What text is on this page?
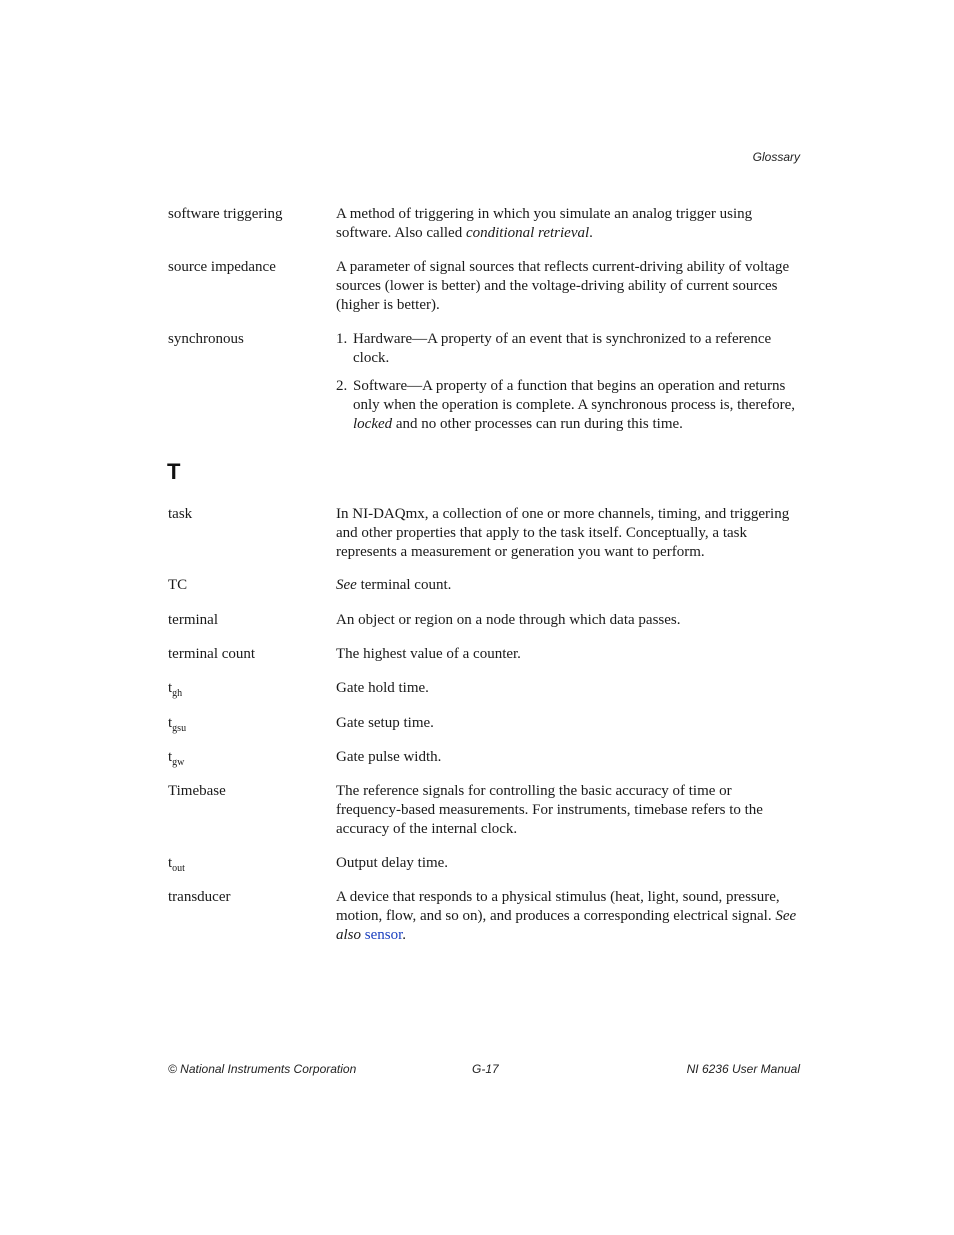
Glossary
software triggering	A method of triggering in which you simulate an analog trigger using software. Also called conditional retrieval.
source impedance	A parameter of signal sources that reflects current-driving ability of voltage sources (lower is better) and the voltage-driving ability of current sources (higher is better).
synchronous	1. Hardware—A property of an event that is synchronized to a reference clock.
2. Software—A property of a function that begins an operation and returns only when the operation is complete. A synchronous process is, therefore, locked and no other processes can run during this time.
T
task	In NI-DAQmx, a collection of one or more channels, timing, and triggering and other properties that apply to the task itself. Conceptually, a task represents a measurement or generation you want to perform.
TC	See terminal count.
terminal	An object or region on a node through which data passes.
terminal count	The highest value of a counter.
$t_{gh}$	Gate hold time.
$t_{gsu}$	Gate setup time.
$t_{gw}$	Gate pulse width.
Timebase	The reference signals for controlling the basic accuracy of time or frequency-based measurements. For instruments, timebase refers to the accuracy of the internal clock.
$t_{out}$	Output delay time.
transducer	A device that responds to a physical stimulus (heat, light, sound, pressure, motion, flow, and so on), and produces a corresponding electrical signal. See also sensor.
© National Instruments Corporation	G-17	NI 6236 User Manual
